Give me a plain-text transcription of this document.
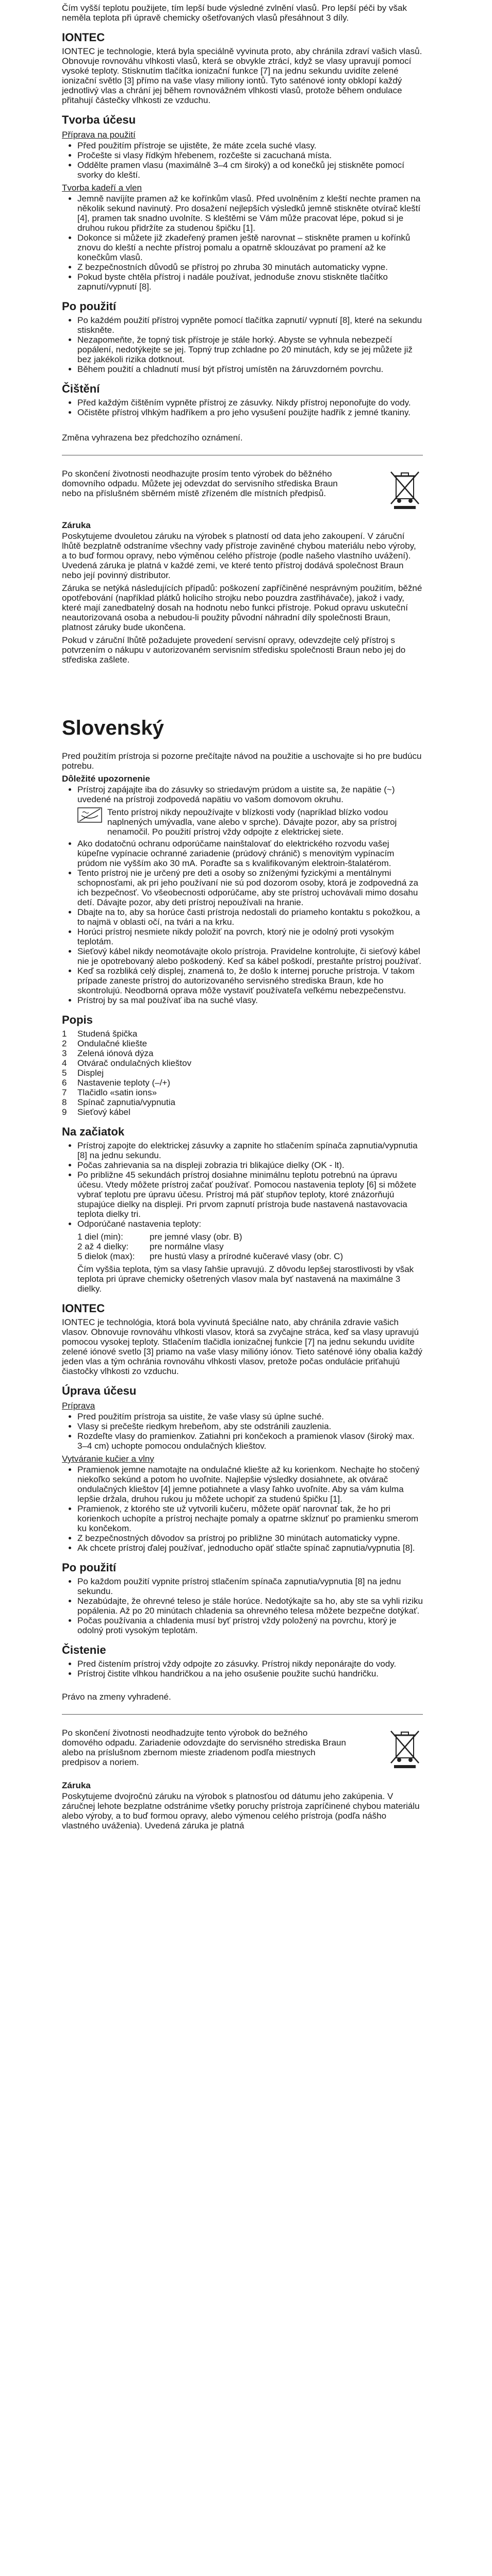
Čím vyšší teplotu použijete, tím lepší bude výsledné zvlnění vlasů. Pro lepší péči by však neměla teplota při úpravě chemicky ošetřovaných vlasů přesáhnout 3 díly.

IONTEC

IONTEC je technologie, která byla speciálně vyvinuta proto, aby chránila zdraví vašich vlasů. Obnovuje rovnováhu vlhkosti vlasů, která se obvykle ztrácí, když se vlasy upravují pomocí vysoké teploty. Stisknutím tlačítka ionizační funkce [7] na jednu sekundu uvidíte zelené ionizační světlo [3] přímo na vaše vlasy miliony iontů. Tyto saténové ionty obklopí každý jednotlivý vlas a chrání jej během rovnovážném vlhkosti vlasů, protože během ondulace přitahují částečky vlhkosti ze vzduchu.

Tvorba účesu
Příprava na použití
• Před použitím přístroje se ujistěte, že máte zcela suché vlasy.
• Pročešte si vlasy řídkým hřebenem, rozčešte si zacuchaná místa.
• Oddělte pramen vlasu (maximálně 3–4 cm široký) a od konečků jej stiskněte pomocí svorky do kleští.
Tvorba kadeří a vlen
• Jemně navíjíte pramen až ke kořínkům vlasů. Před uvolněním z kleští nechte pramen na několik sekund navinutý. Pro dosažení nejlepších výsledků jemně stiskněte otvírač kleští [4], pramen tak snadno uvolníte. S kleštěmi se Vám může pracovat lépe, pokud si je druhou rukou přidržíte za studenou špičku [1].
• Dokonce si můžete již zkadeřený pramen ještě narovnat – stiskněte pramen u kořínků znovu do kleští a nechte přístroj pomalu a opatrně sklouzávat po pramení až ke konečkům vlasů.
• Z bezpečnostních důvodů se přístroj po zhruba 30 minutách automaticky vypne.
• Pokud byste chtěla přístroj i nadále používat, jednoduše znovu stiskněte tlačítko zapnutí/vypnutí [8].
Po použití
• Po každém použití přístroj vypněte pomocí tlačítka zapnutí/ vypnutí [8], které na sekundu stiskněte.
• Nezapomeňte, že topný tisk přístroje je stále horký. Abyste se vyhnula nebezpečí popálení, nedotýkejte se jej. Topný trup zchladne po 20 minutách, kdy se jej můžete již bez jakékoli rizika dotknout.
• Během použití a chladnutí musí být přístroj umístěn na žáruvzdorném povrchu.
Čištění
• Před každým čištěním vypněte přístroj ze zásuvky. Nikdy přístroj neponořujte do vody.
• Očistěte přístroj vlhkým hadříkem a pro jeho vysušení použijte hadřík z jemné tkaniny.

Změna vyhrazena bez předchozího oznámení.

Po skončení životnosti neodhazujte prosím tento výrobek do běžného domovního odpadu. Můžete jej odevzdat do servisního střediska Braun nebo na příslušném sběrném místě zřízeném dle místních předpisů.

Záruka

Poskytujeme dvouletou záruku na výrobek s platností od data jeho zakoupení. V záruční lhůtě bezplatně odstraníme všechny vady přístroje zaviněné chybou materiálu nebo výroby, a to buď formou opravy, nebo výměnou celého přístroje (podle našeho vlastního uvážení). Uvedená záruka je platná v každé zemi, ve které tento přístroj dodává společnost Braun nebo její povinný distributor.

Záruka se netýká následujících případů: poškození zapříčiněné nesprávným použitím, běžné opotřebování (například plátků holicího strojku nebo pouzdra zastřihávače), jakož i vady, které mají zanedbatelný dosah na hodnotu nebo funkci přístroje. Pokud opravu uskuteční neautorizovaná osoba a nebudou-li použity původní náhradní díly společnosti Braun, platnost záruky bude ukončena.

Pokud v záruční lhůtě požadujete provedení servisní opravy, odevzdejte celý přístroj s potvrzením o nákupu v autorizovaném servisním středisku společnosti Braun nebo jej do střediska zašlete.

Slovenský

Pred použitím prístroja si pozorne prečítajte návod na použitie a uschovajte si ho pre budúcu potrebu.

Dôležité upozornenie
• Prístroj zapájajte iba do zásuvky so striedavým prúdom a uistite sa, že napätie (~) uvedené na prístroji zodpovedá napätiu vo vašom domovom okruhu.
Tento prístroj nikdy nepoužívajte v blízkosti vody (napríklad blízko vodou naplnených umývadla, vane alebo v sprche). Dávajte pozor, aby sa prístroj nenamočil. Po použití prístroj vždy odpojte z elektrickej siete.
• Ako dodatočnú ochranu odporúčame nainštalovať do elektrického rozvodu vašej kúpeľne vypínacie ochranné zariadenie (prúdový chránič) s menovitým vypínacím prúdom nie vyšším ako 30 mA. Poraďte sa s kvalifikovaným elektroin-štalatérom.
• Tento prístroj nie je určený pre deti a osoby so zníženými fyzickými a mentálnymi schopnosťami, ak pri jeho používaní nie sú pod dozorom osoby, ktorá je zodpovedná za ich bezpečnosť. Vo všeobecnosti odporúčame, aby ste prístroj uchovávali mimo dosahu detí. Dávajte pozor, aby deti prístroj nepoužívali na hranie.
• Dbajte na to, aby sa horúce časti prístroja nedostali do priameho kontaktu s pokožkou, a to najmä v oblasti očí, na tvári a na krku.
• Horúci prístroj nesmiete nikdy položiť na povrch, ktorý nie je odolný proti vysokým teplotám.
• Sieťový kábel nikdy neomotávajte okolo prístroja. Pravidelne kontrolujte, či sieťový kábel nie je opotrebovaný alebo poškodený. Keď sa kábel poškodí, prestaňte prístroj používať.
• Keď sa rozbliká celý displej, znamená to, že došlo k internej poruche prístroja. V takom prípade zaneste prístroj do autorizovaného servisného strediska Braun, kde ho skontrolujú. Neodborná oprava môže vystaviť používateľa veľkému nebezpečenstvu.
• Prístroj by sa mal používať iba na suché vlasy.
Popis
1	Studená špička
2	Ondulačné kliešte
3	Zelená iónová dýza
4	Otvárač ondulačných klieštov
5	Displej
6	Nastavenie teploty (–/+)
7	Tlačidlo «satin ions»
8	Spínač zapnutia/vypnutia
9	Sieťový kábel
Na začiatok
• Prístroj zapojte do elektrickej zásuvky a zapnite ho stlačením spínača zapnutia/vypnutia [8] na jednu sekundu.
• Počas zahrievania sa na displeji zobrazia tri blikajúce dielky (OK - lt).
• Po približne 45 sekundách prístroj dosiahne minimálnu teplotu potrebnú na úpravu účesu. Vtedy môžete prístroj začať používať. Pomocou nastavenia teploty [6] si môžete vybrať teplotu pre úpravu účesu. Prístroj má päť stupňov teploty, ktoré znázorňujú stupajúce dielky na displeji. Pri prvom zapnutí prístroja bude nastavená nastavovacia teplota dielky tri.
• Odporúčané nastavenia teploty:
1 diel (min):	pre jemné vlasy (obr. B)
2 až 4 dielky:	pre normálne vlasy
5 dielok (max):	pre hustú vlasy a prírodné kučeravé vlasy (obr. C)

Čím vyššia teplota, tým sa vlasy ľahšie upravujú. Z dôvodu lepšej starostlivosti by však teplota pri úprave chemicky ošetrených vlasov mala byť nastavená na maximálne 3 dielky.

IONTEC

IONTEC je technológia, ktorá bola vyvinutá špeciálne nato, aby chránila zdravie vašich vlasov. Obnovuje rovnováhu vlhkosti vlasov, ktorá sa zvyčajne stráca, keď sa vlasy upravujú pomocou vysokej teploty. Stlačením tlačidla ionizačnej funkcie [7] na jednu sekundu uvidíte zelené iónové svetlo [3] priamo na vaše vlasy milióny iónov. Tieto saténové ióny obalia každý jeden vlas a tým ochránia rovnováhu vlhkosti vlasov, pretože počas ondulácie priťahujú čiastočky vlhkosti zo vzduchu.

Úprava účesu
Príprava
• Pred použitím prístroja sa uistite, že vaše vlasy sú úplne suché.
• Vlasy si prečešte riedkym hrebeňom, aby ste odstránili zauzlenia.
• Rozdeľte vlasy do pramienkov. Zatiahni pri končekoch a pramienok vlasov (široký max. 3–4 cm) uchopte pomocou ondulačných klieštov.
Vytváranie kučier a vlny
• Pramienok jemne namotajte na ondulačné kliešte až ku korienkom. Nechajte ho stočený niekoľko sekúnd a potom ho uvoľnite. Najlepšie výsledky dosiahnete, ak otvárač ondulačných klieštov [4] jemne potiahnete a vlasy ľahko uvoľníte. Aby sa vám kulma lepšie držala, druhou rukou ju môžete uchopiť za studenú špičku [1].
• Pramienok, z ktorého ste už vytvorili kučeru, môžete opäť narovnať tak, že ho pri korienkoch uchopíte a prístroj nechajte pomaly a opatrne skĺznuť po pramienku smerom ku končekom.
• Z bezpečnostných dôvodov sa prístroj po približne 30 minútach automaticky vypne.
• Ak chcete prístroj ďalej používať, jednoducho opäť stlačte spínač zapnutia/vypnutia [8].
Po použití
• Po každom použití vypnite prístroj stlačením spínača zapnutia/vypnutia [8] na jednu sekundu.
• Nezabúdajte, že ohrevné teleso je stále horúce. Nedotýkajte sa ho, aby ste sa vyhli riziku popálenia. Až po 20 minútach chladenia sa ohrevného telesa môžete bezpečne dotýkať.
• Počas používania a chladenia musí byť prístroj vždy položený na povrchu, ktorý je odolný proti vysokým teplotám.
Čistenie
• Pred čistením prístroj vždy odpojte zo zásuvky. Prístroj nikdy neponárajte do vody.
• Prístroj čistite vlhkou handričkou a na jeho osušenie použite suchú handričku.

Právo na zmeny vyhradené.

Po skončení životnosti neodhadzujte tento výrobok do bežného domového odpadu. Zariadenie odovzdajte do servisného strediska Braun alebo na príslušnom zbernom mieste zriadenom podľa miestnych predpisov a noriem.

Záruka

Poskytujeme dvojročnú záruku na výrobok s platnosťou od dátumu jeho zakúpenia. V záručnej lehote bezplatne odstránime všetky poruchy prístroja zapríčinené chybou materiálu alebo výroby, a to buď formou opravy, alebo výmenou celého prístroja (podľa nášho vlastného uváženia). Uvedená záruka je platná
